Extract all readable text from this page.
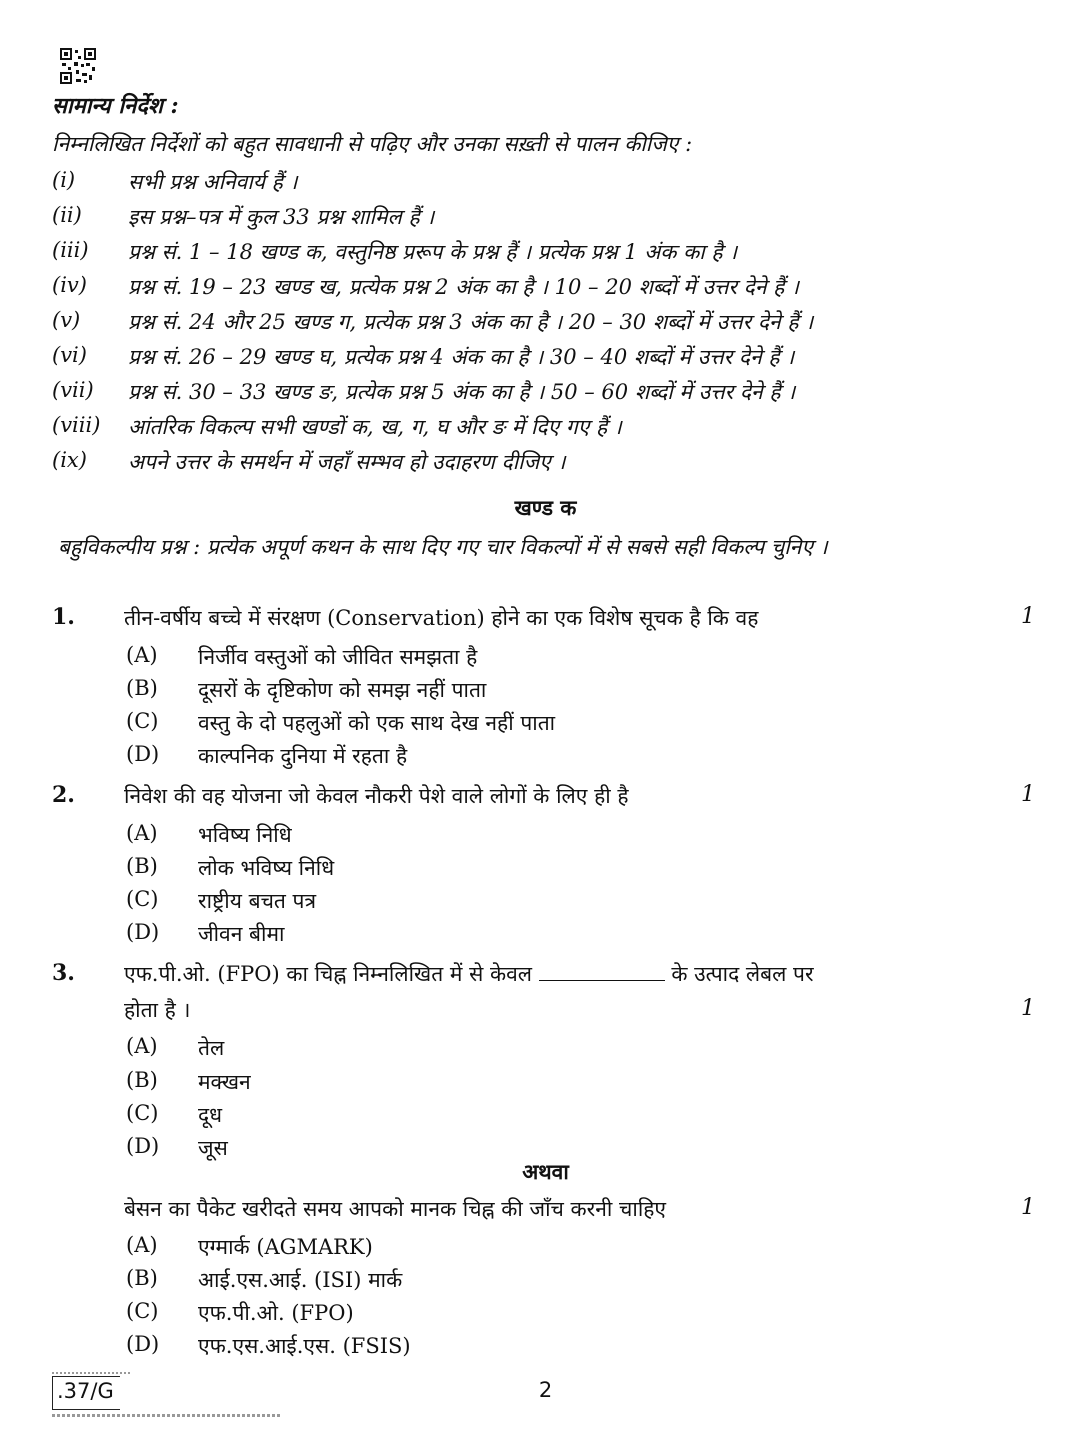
सामान्य निर्देश :
निम्नलिखित निर्देशों को बहुत सावधानी से पढ़िए और उनका सख़्ती से पालन कीजिए :
(i)	सभी प्रश्न अनिवार्य हैं ।
(ii) इस प्रश्न–पत्र में कुल 33 प्रश्न शामिल हैं ।
(iii) प्रश्न सं. 1 – 18 खण्ड क, वस्तुनिष्ठ प्ररूप के प्रश्न हैं । प्रत्येक प्रश्न 1 अंक का है ।
(iv) प्रश्न सं. 19 – 23 खण्ड ख, प्रत्येक प्रश्न 2 अंक का है । 10 – 20 शब्दों में उत्तर देने हैं ।
(v) प्रश्न सं. 24 और 25 खण्ड ग, प्रत्येक प्रश्न 3 अंक का है । 20 – 30 शब्दों में उत्तर देने हैं ।
(vi) प्रश्न सं. 26 – 29 खण्ड घ, प्रत्येक प्रश्न 4 अंक का है । 30 – 40 शब्दों में उत्तर देने हैं ।
(vii) प्रश्न सं. 30 – 33 खण्ड ङ, प्रत्येक प्रश्न 5 अंक का है । 50 – 60 शब्दों में उत्तर देने हैं ।
(viii) आंतरिक विकल्प सभी खण्डों क, ख, ग, घ और ङ में दिए गए हैं ।
(ix) अपने उत्तर के समर्थन में जहाँ सम्भव हो उदाहरण दीजिए ।
खण्ड क
बहुविकल्पीय प्रश्न : प्रत्येक अपूर्ण कथन के साथ दिए गए चार विकल्पों में से सबसे सही विकल्प चुनिए ।
1. तीन-वर्षीय बच्चे में संरक्षण (Conservation) होने का एक विशेष सूचक है कि वह	1
(A) निर्जीव वस्तुओं को जीवित समझता है
(B) दूसरों के दृष्टिकोण को समझ नहीं पाता
(C) वस्तु के दो पहलुओं को एक साथ देख नहीं पाता
(D) काल्पनिक दुनिया में रहता है
2. निवेश की वह योजना जो केवल नौकरी पेशे वाले लोगों के लिए ही है	1
(A) भविष्य निधि
(B) लोक भविष्य निधि
(C) राष्ट्रीय बचत पत्र
(D) जीवन बीमा
3. एफ.पी.ओ. (FPO) का चिह्न निम्नलिखित में से केवल	के उत्पाद लेबल पर
होता है ।	1
(A) तेल
(B) मक्खन
(C) दूध
(D) जूस
अथवा
बेसन का पैकेट खरीदते समय आपको मानक चिह्न की जाँच करनी चाहिए	1
(A) एग्मार्क (AGMARK)
(B) आई.एस.आई. (ISI) मार्क
(C) एफ.पी.ओ. (FPO)
(D) एफ.एस.आई.एस. (FSIS)
.37/G	2
